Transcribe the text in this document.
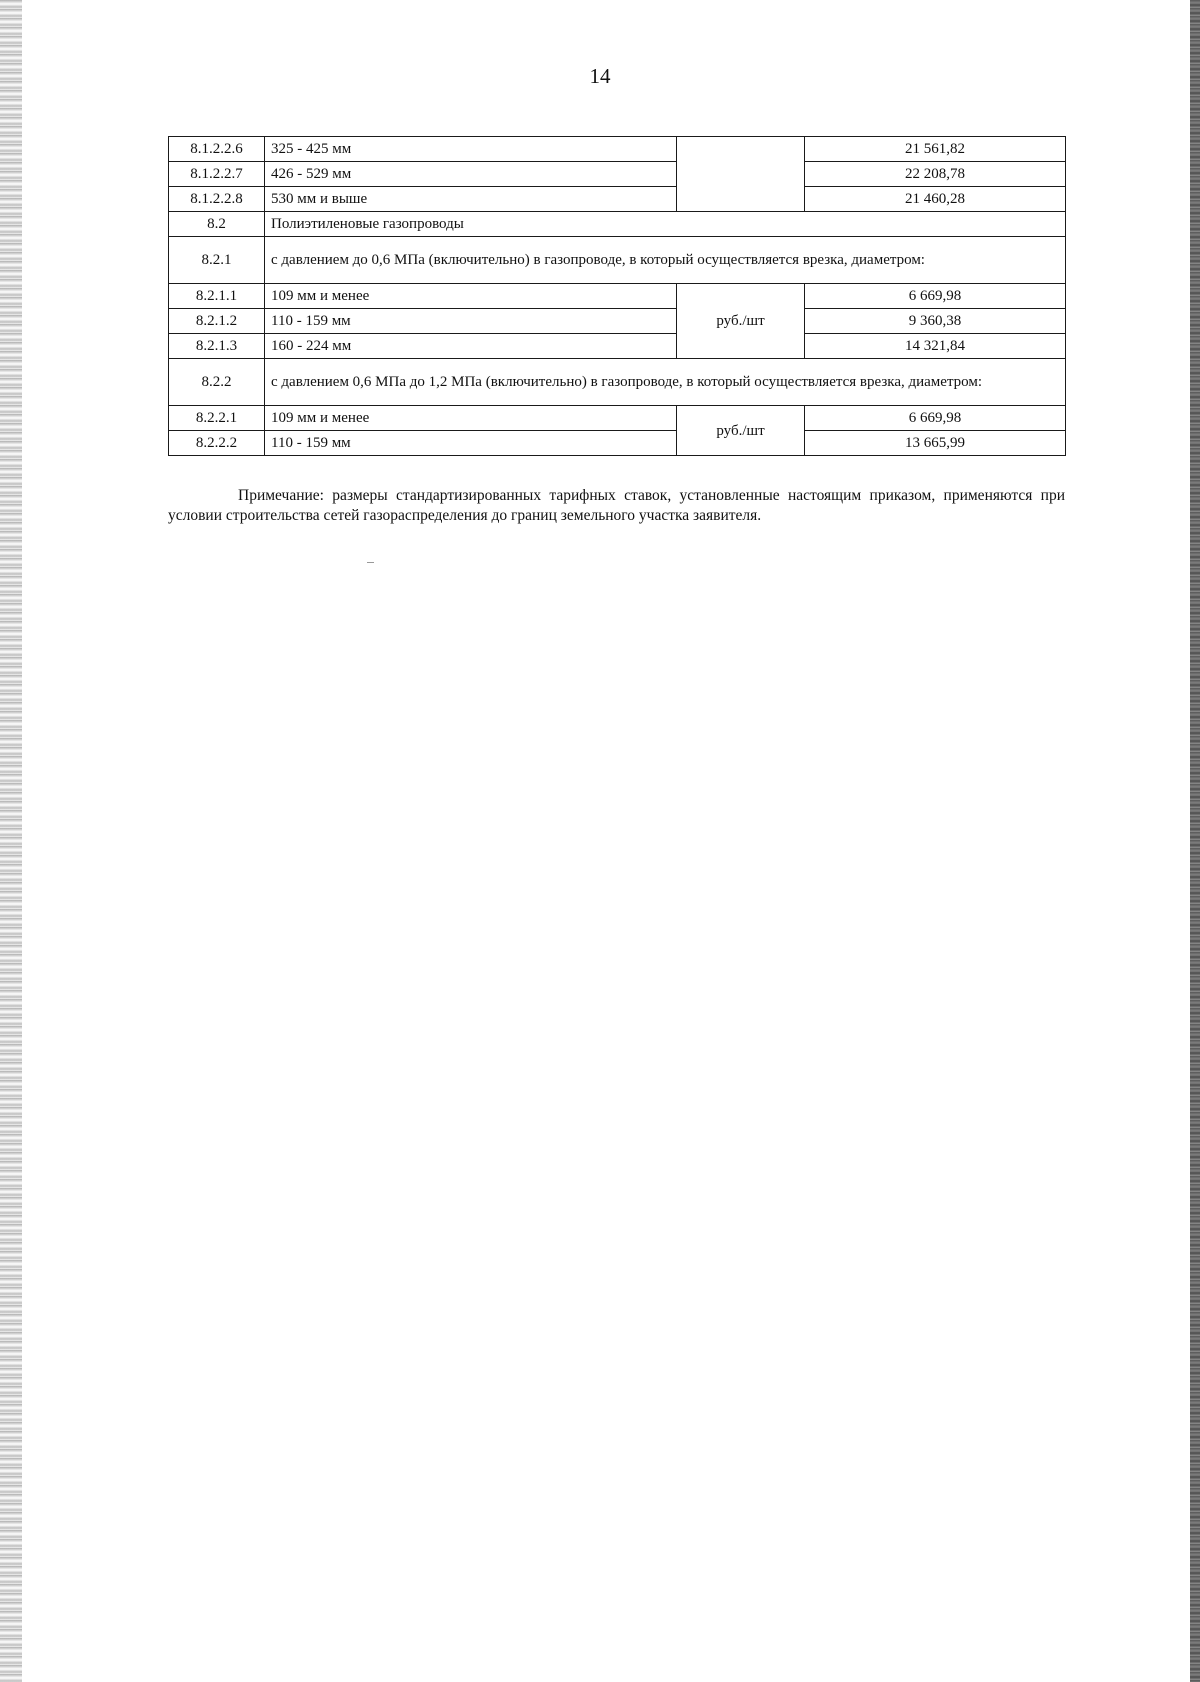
14
8.1.2.2.6	325 - 425 мм		21 561,82
8.1.2.2.7	426 - 529 мм		22 208,78
8.1.2.2.8	530 мм и выше		21 460,28
8.2	Полиэтиленовые газопроводы		
8.2.1	с давлением до 0,6 МПа (включительно) в газопроводе, в который осуществляется врезка, диаметром:		
8.2.1.1	109 мм и менее	руб./шт	6 669,98
8.2.1.2	110 - 159 мм		9 360,38
8.2.1.3	160 - 224 мм		14 321,84
8.2.2	с давлением 0,6 МПа до 1,2 МПа (включительно) в газопроводе, в который осуществляется врезка, диаметром:		
8.2.2.1	109 мм и менее	руб./шт	6 669,98
8.2.2.2	110 - 159 мм		13 665,99

Примечание: размеры стандартизированных тарифных ставок, установленные настоящим приказом, применяются при условии строительства сетей газораспределения до границ земельного участка заявителя.
